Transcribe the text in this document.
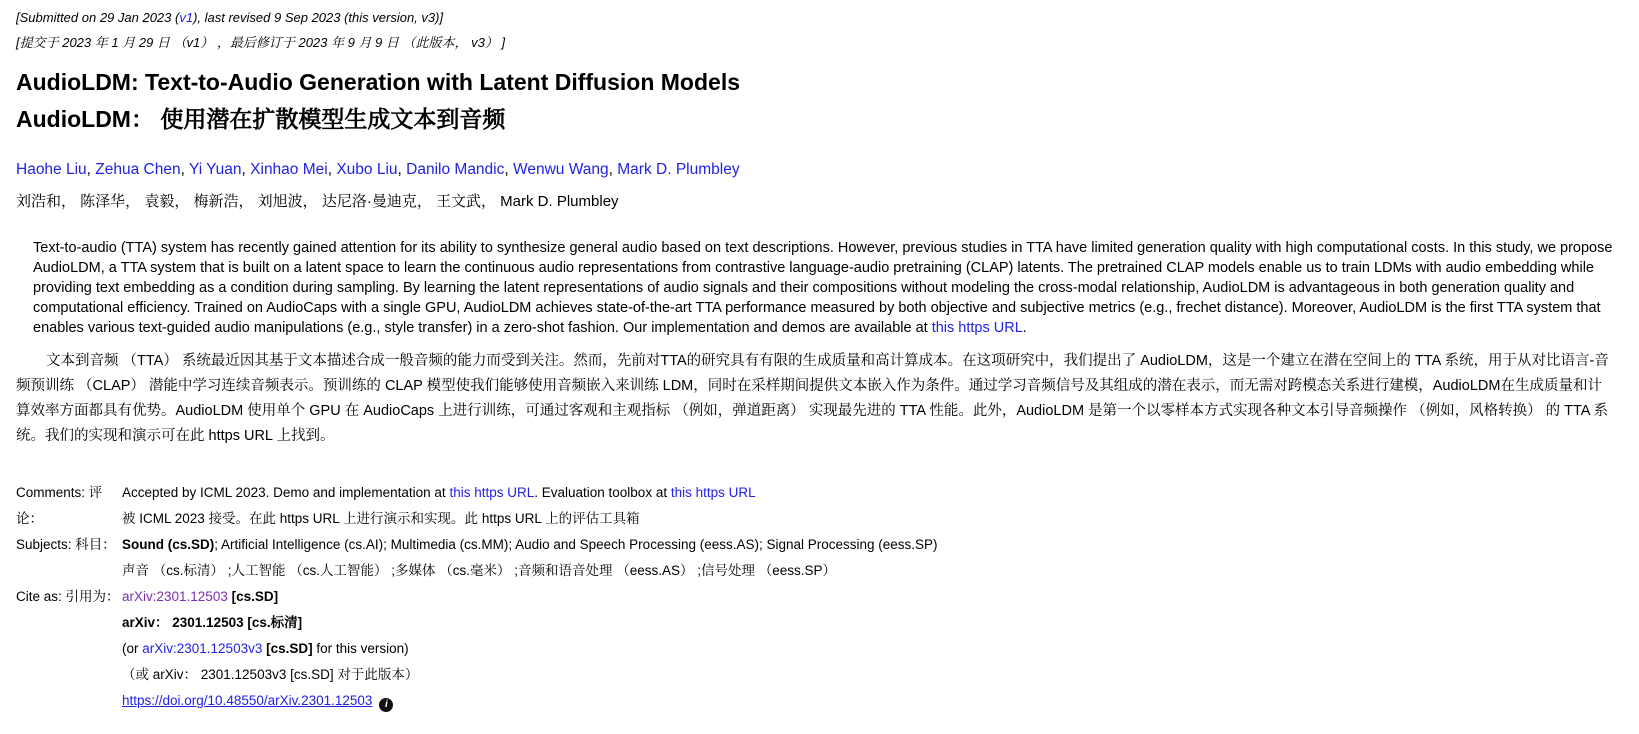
[Submitted on 29 Jan 2023 (v1), last revised 9 Sep 2023 (this version, v3)]
[提交于 2023 年 1 月 29 日 （v1） ，最后修订于 2023 年 9 月 9 日 （此版本， v3） ]
AudioLDM: Text-to-Audio Generation with Latent Diffusion Models
AudioLDM： 使用潜在扩散模型生成文本到音频
Haohe Liu, Zehua Chen, Yi Yuan, Xinhao Mei, Xubo Liu, Danilo Mandic, Wenwu Wang, Mark D. Plumbley
刘浩和， 陈泽华， 袁毅， 梅新浩， 刘旭波， 达尼洛·曼迪克， 王文武， Mark D. Plumbley

Text-to-audio (TTA) system has recently gained attention for its ability to synthesize general audio based on text descriptions. However, previous studies in TTA have limited generation quality with high computational costs. In this study, we propose AudioLDM, a TTA system that is built on a latent space to learn the continuous audio representations from contrastive language-audio pretraining (CLAP) latents. The pretrained CLAP models enable us to train LDMs with audio embedding while providing text embedding as a condition during sampling. By learning the latent representations of audio signals and their compositions without modeling the cross-modal relationship, AudioLDM is advantageous in both generation quality and computational efficiency. Trained on AudioCaps with a single GPU, AudioLDM achieves state-of-the-art TTA performance measured by both objective and subjective metrics (e.g., frechet distance). Moreover, AudioLDM is the first TTA system that enables various text-guided audio manipulations (e.g., style transfer) in a zero-shot fashion. Our implementation and demos are available at this https URL.

文本到音频 （TTA） 系统最近因其基于文本描述合成一般音频的能力而受到关注。然而，先前对TTA的研究具有有限的生成质量和高计算成本。在这项研究中，我们提出了 AudioLDM，这是一个建立在潜在空间上的 TTA 系统，用于从对比语言-音频预训练 （CLAP） 潜能中学习连续音频表示。预训练的 CLAP 模型使我们能够使用音频嵌入来训练 LDM，同时在采样期间提供文本嵌入作为条件。通过学习音频信号及其组成的潜在表示，而无需对跨模态关系进行建模，AudioLDM在生成质量和计算效率方面都具有优势。AudioLDM 使用单个 GPU 在 AudioCaps 上进行训练，可通过客观和主观指标 （例如，弹道距离） 实现最先进的 TTA 性能。此外，AudioLDM 是第一个以零样本方式实现各种文本引导音频操作 （例如，风格转换） 的 TTA 系统。我们的实现和演示可在此 https URL 上找到。

Comments: 评论：
Accepted by ICML 2023. Demo and implementation at this https URL. Evaluation toolbox at this https URL
被 ICML 2023 接受。在此 https URL 上进行演示和实现。此 https URL 上的评估工具箱
Subjects: 科目： Sound (cs.SD); Artificial Intelligence (cs.AI); Multimedia (cs.MM); Audio and Speech Processing (eess.AS); Signal Processing (eess.SP)
声音 （cs.标清） ;人工智能 （cs.人工智能） ;多媒体 （cs.毫米） ;音频和语音处理 （eess.AS） ;信号处理 （eess.SP）
Cite as: 引用为： arXiv:2301.12503 [cs.SD]
arXiv： 2301.12503 [cs.标清]
(or arXiv:2301.12503v3 [cs.SD] for this version)
（或 arXiv： 2301.12503v3 [cs.SD] 对于此版本）
https://doi.org/10.48550/arXiv.2301.12503 i
